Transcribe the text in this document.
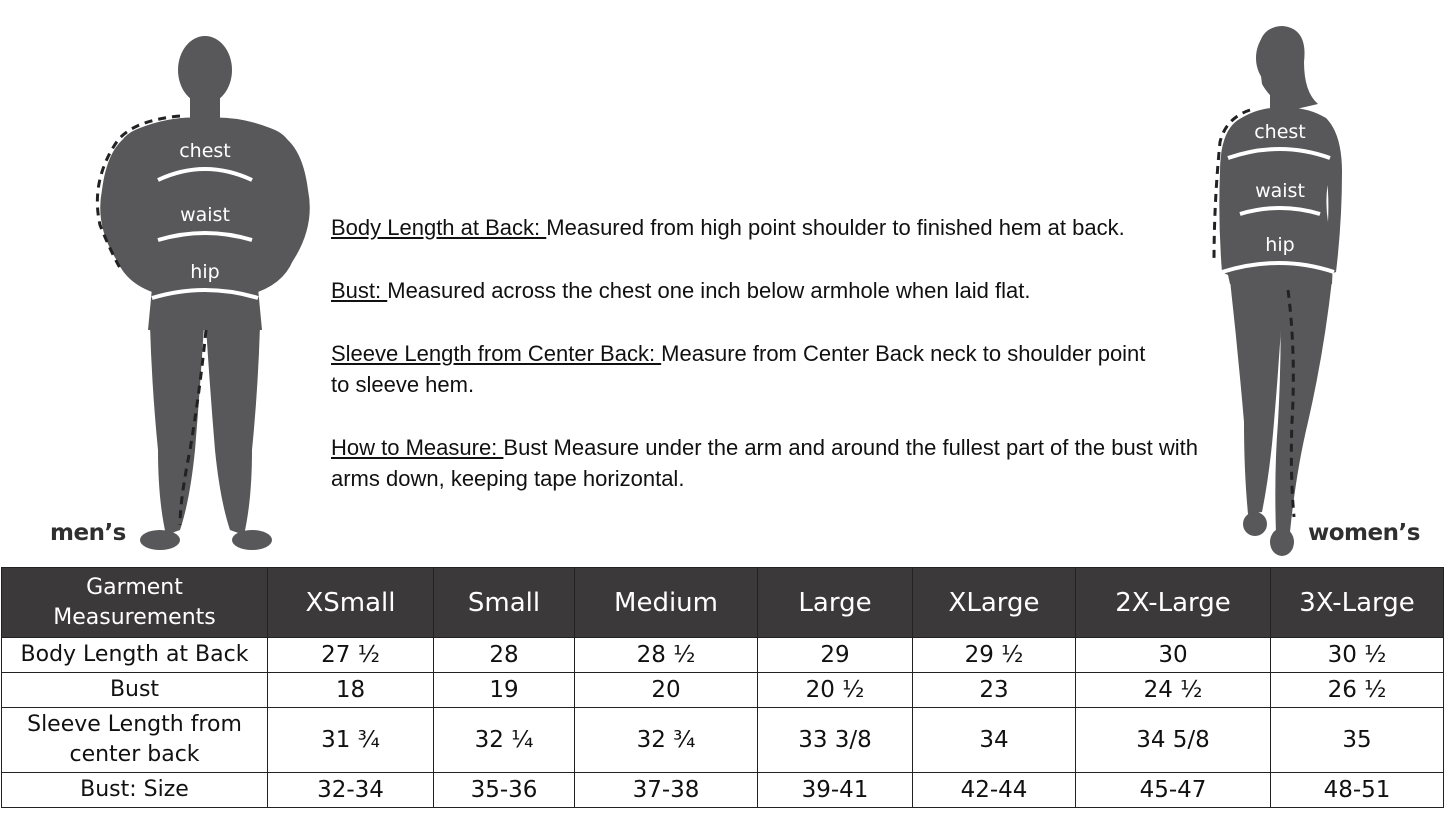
chest
waist
hip
men’s
chest
waist
hip
women’s

Body Length at Back: Measured from high point shoulder to finished hem at back.

Bust: Measured across the chest one inch below armhole when laid flat.

Sleeve Length from Center Back: Measure from Center Back neck to shoulder point to sleeve hem.

How to Measure: Bust Measure under the arm and around the fullest part of the bust with arms down, keeping tape horizontal.

Garment Measurements	XSmall	Small	Medium	Large	XLarge	2X-Large	3X-Large
Body Length at Back	27 ½	28	28 ½	29	29 ½	30	30 ½
Bust	18	19	20	20 ½	23	24 ½	26 ½
Sleeve Length from center back	31 ¾	32 ¼	32 ¾	33 3/8	34	34 5/8	35
Bust: Size	32-34	35-36	37-38	39-41	42-44	45-47	48-51
